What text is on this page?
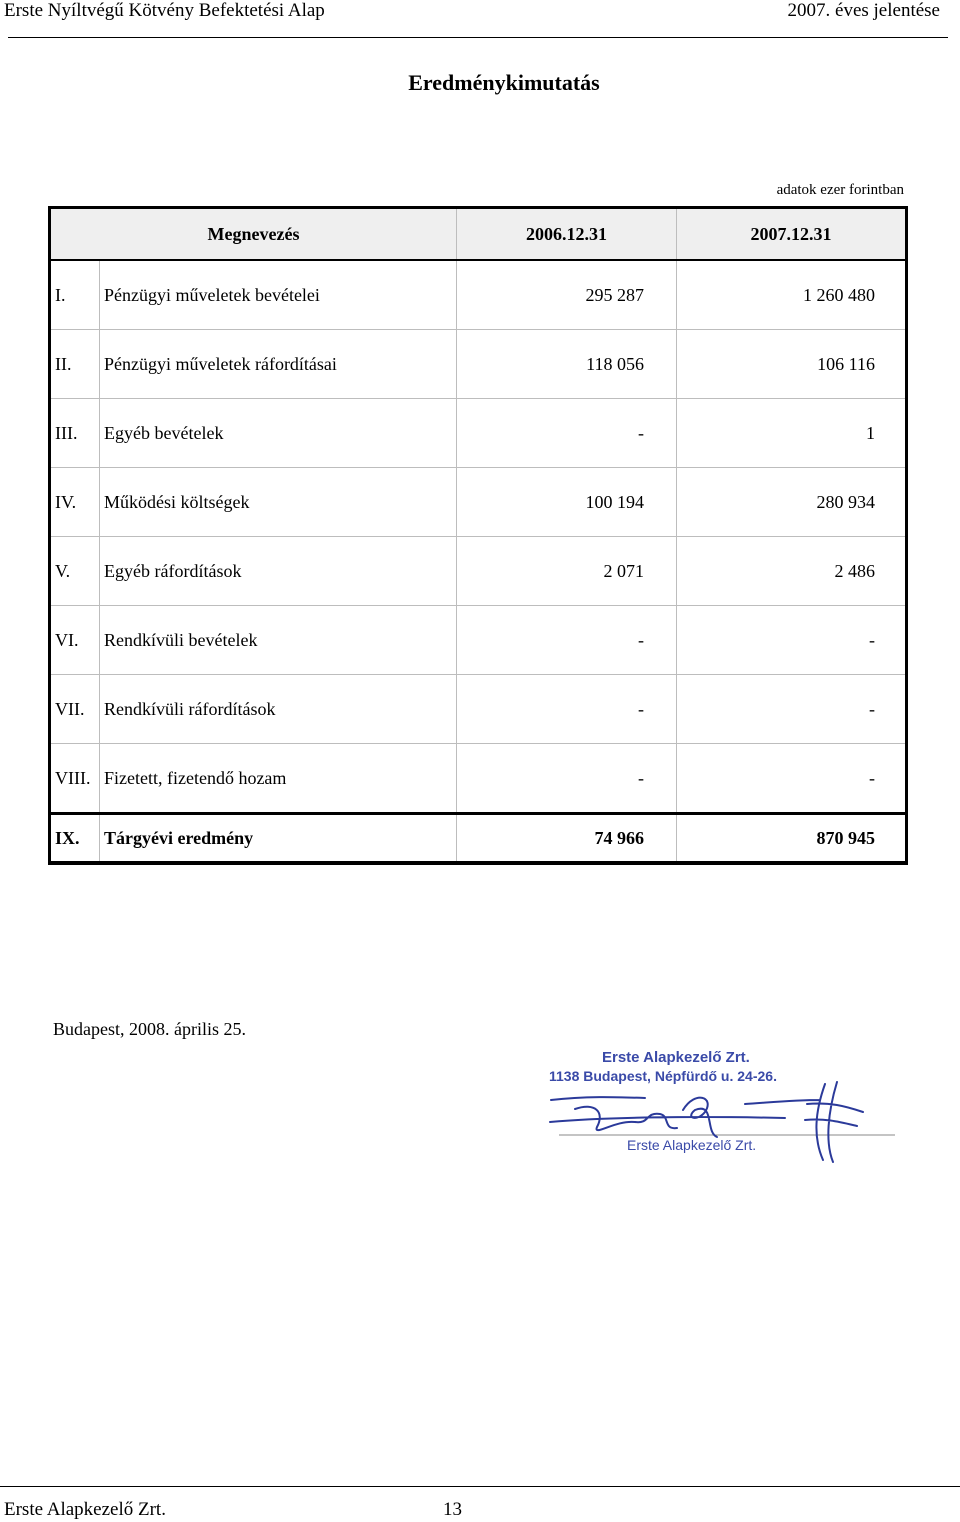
Erste Nyíltvégű Kötvény Befektetési Alap	2007. éves jelentése
Eredménykimutatás
adatok ezer forintban
Megnevezés		2006.12.31	2007.12.31
I.	Pénzügyi műveletek bevételei	295 287	1 260 480
II.	Pénzügyi műveletek ráfordításai	118 056	106 116
III.	Egyéb bevételek	-	1
IV.	Működési költségek	100 194	280 934
V.	Egyéb ráfordítások	2 071	2 486
VI.	Rendkívüli bevételek	-	-
VII.	Rendkívüli ráfordítások	-	-
VIII.	Fizetett, fizetendő hozam	-	-
IX.	Tárgyévi eredmény	74 966	870 945
Budapest, 2008. április 25.
Erste Alapkezelő Zrt.
1138 Budapest, Népfürdő u. 24-26.
Erste Alapkezelő Zrt.
Erste Alapkezelő Zrt.	13
